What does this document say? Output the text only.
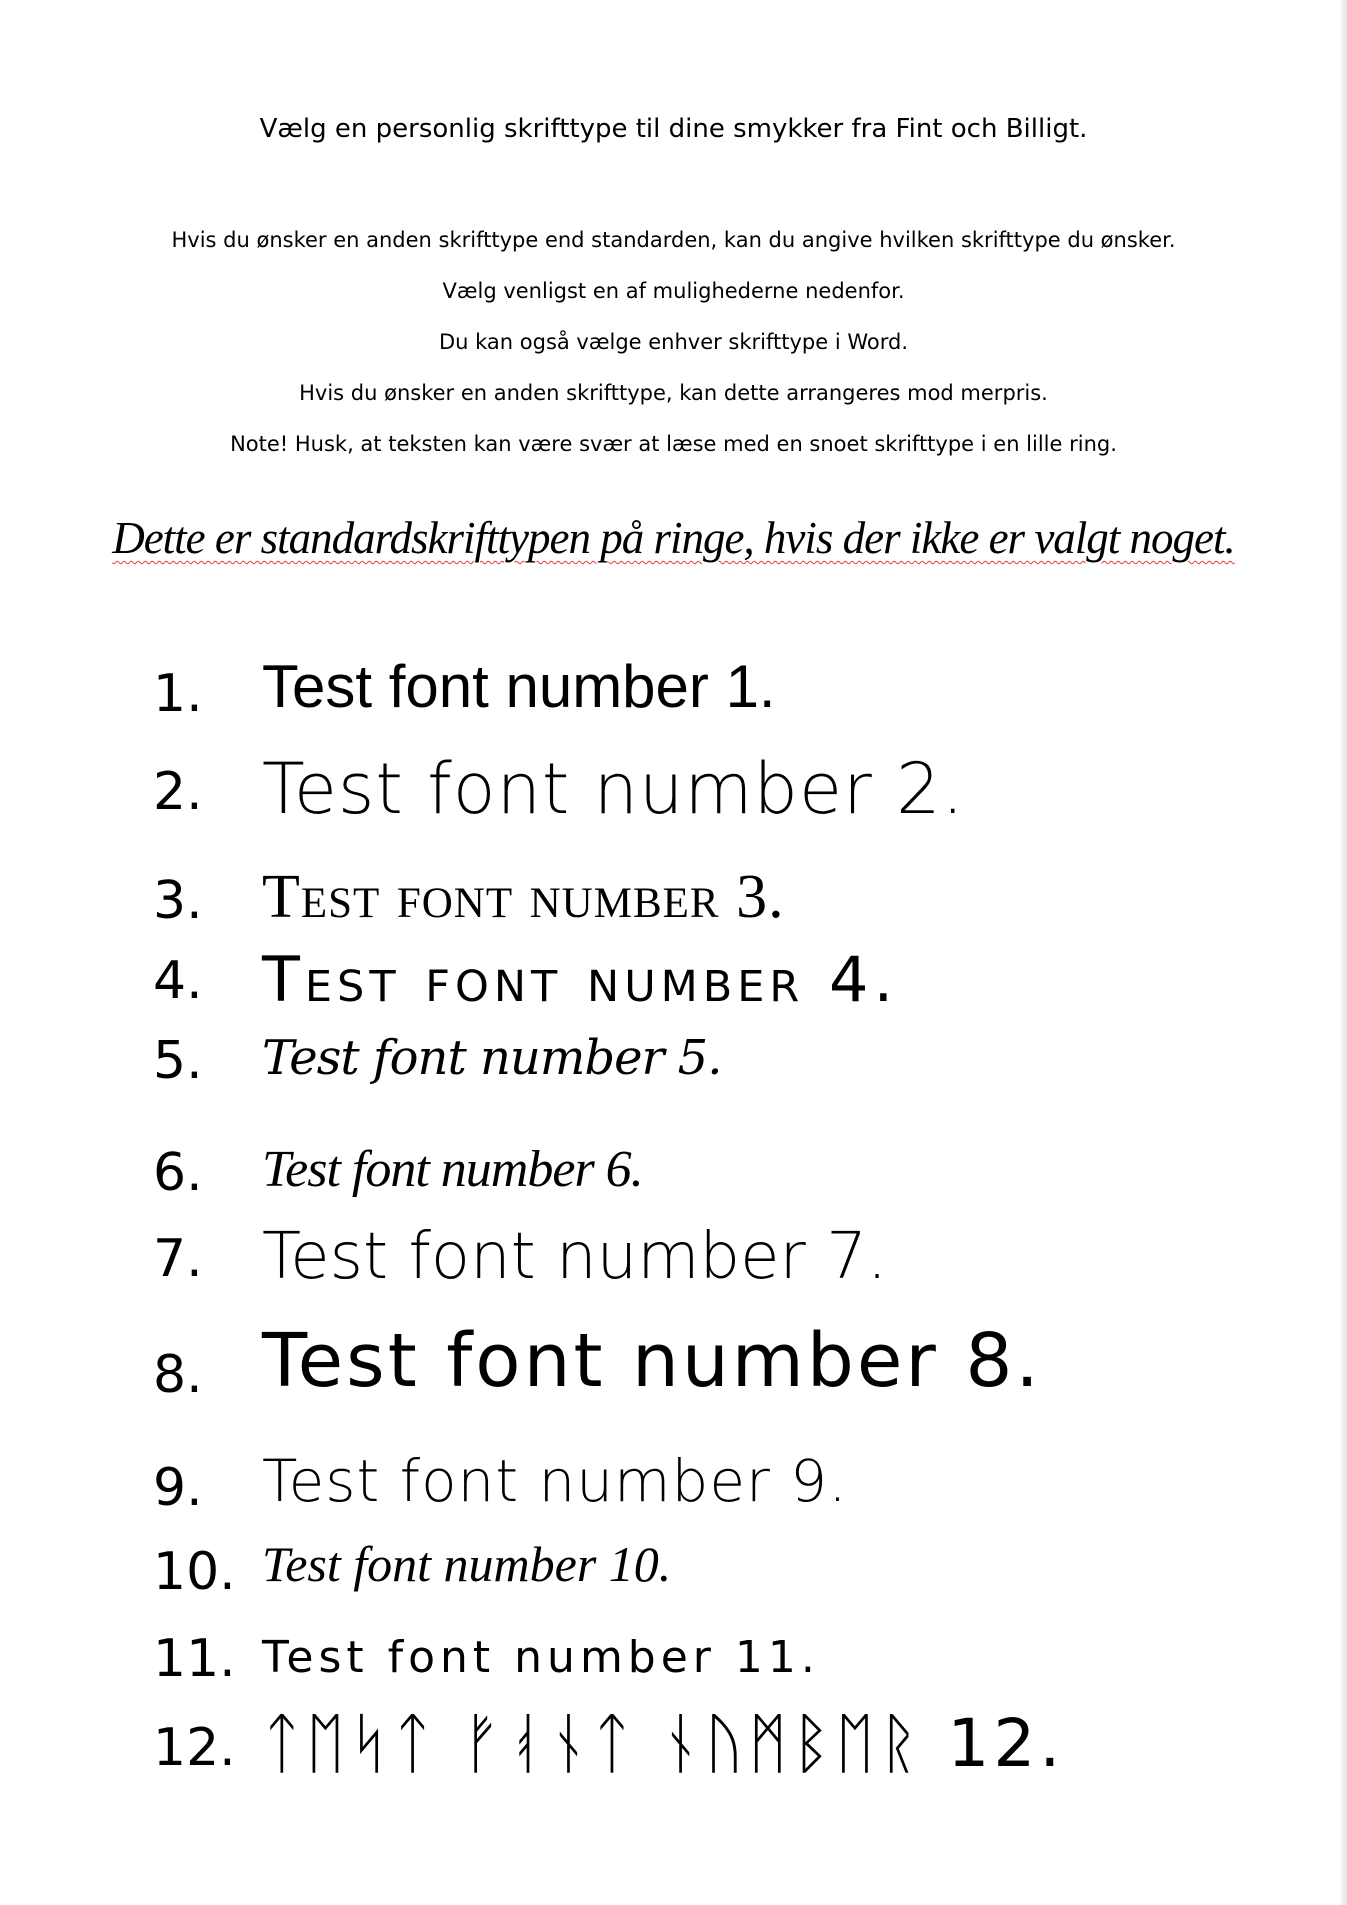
Vælg en personlig skrifttype til dine smykker fra Fint och Billigt.
Hvis du ønsker en anden skrifttype end standarden, kan du angive hvilken skrifttype du ønsker.
Vælg venligst en af mulighederne nedenfor.
Du kan også vælge enhver skrifttype i Word.
Hvis du ønsker en anden skrifttype, kan dette arrangeres mod merpris.
Note! Husk, at teksten kan være svær at læse med en snoet skrifttype i en lille ring.
Dette er standardskrifttypen på ringe, hvis der ikke er valgt noget.
1. Test font number 1.
2. Test font number 2.
3. Test font number 3.
4. Test font number 4.
5. Test font number 5.
6. Test font number 6.
7. Test font number 7.
8. Test font number 8.
9. Test font number 9.
10. Test font number 10.
11. Test font number 11.
12. ᛏᛖᛋᛏ ᚠᚮᚾᛏ ᚾᚢᛗᛒᛖᚱ 12.
